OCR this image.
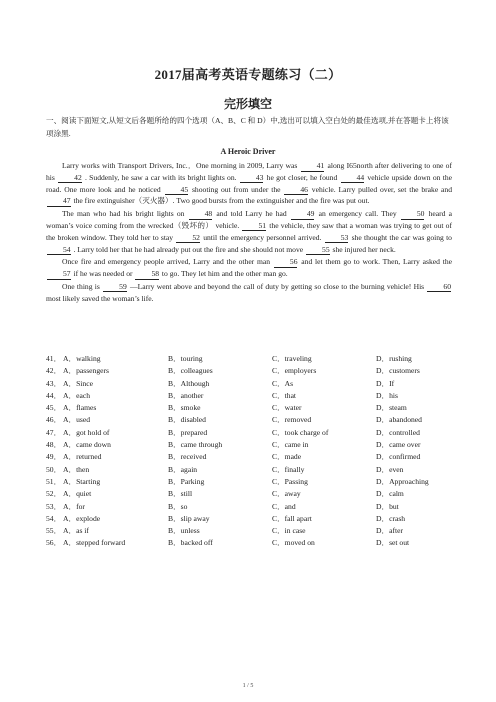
2017届高考英语专题练习（二）
完形填空
一、阅读下面短文,从短文后各题所给的四个选项（A、B、C 和 D）中,选出可以填入空白处的最佳选项,并在答题卡上将该项涂黑.
A Heroic Driver

Larry works with Transport Drivers, Inc.．One morning in 2009, Larry was 41 along I65north after delivering to one of his 42 . Suddenly, he saw a car with its bright lights on. 43 he got closer, he found 44 vehicle upside down on the road. One more look and he noticed 45 shooting out from under the 46 vehicle. Larry pulled over, set the brake and 47 the fire extinguisher（灭火器）. Two good bursts from the extinguisher and the fire was put out.

The man who had his bright lights on 48 and told Larry he had 49 an emergency call. They 50 heard a woman’s voice coming from the wrecked（毁坏的） vehicle. 51 the vehicle, they saw that a woman was trying to get out of the broken window. They told her to stay 52 until the emergency personnel arrived. 53 she thought the car was going to 54 . Larry told her that he had already put out the fire and she should not move 55 she injured her neck.

Once fire and emergency people arrived, Larry and the other man 56 and let them go to work. Then, Larry asked the 57 if he was needed or 58 to go. They let him and the other man go.

One thing is 59 —Larry went above and beyond the call of duty by getting so close to the burning vehicle! His 60 most likely saved the woman’s life.

41． A．walking	B．touring	C．traveling	D．rushing
42． A．passengers	B．colleagues	C．employers	D．customers
43． A．Since	B．Although	C．As	D．If
44． A．each	B．another	C．that	D．his
45． A．flames	B．smoke	C．water	D．steam
46． A．used	B．disabled	C．removed	D．abandoned
47． A．got hold of	B．prepared	C．took charge of	D．controlled
48． A．came down	B．came through	C．came in	D．came over
49． A．returned	B．received	C．made	D．confirmed
50． A．then	B．again	C．finally	D．even
51． A．Starting	B．Parking	C．Passing	D．Approaching
52． A．quiet	B．still	C．away	D．calm
53． A．for	B．so	C．and	D．but
54． A．explode	B．slip away	C．fall apart	D．crash
55． A．as if	B．unless	C．in case	D．after
56． A．stepped forward	B．backed off	C．moved on	D．set out
1 / 5
